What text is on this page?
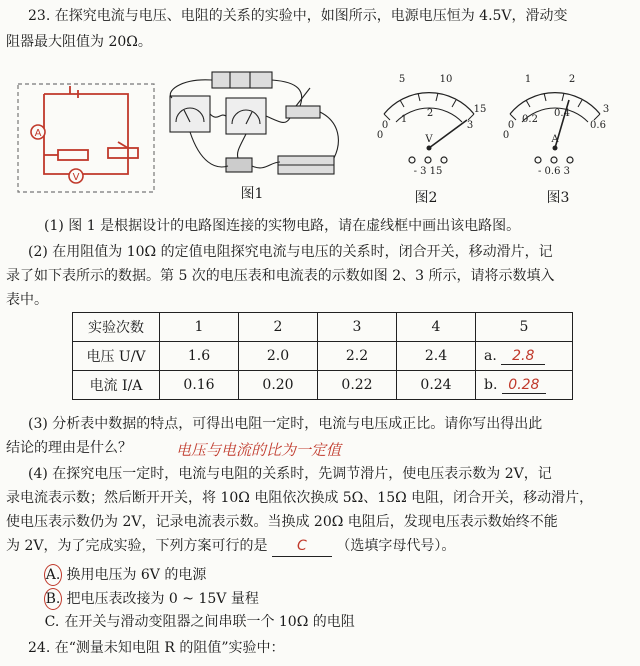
23. 在探究电流与电压、电阻的关系的实验中，如图所示，电源电压恒为 4.5V，滑动变
阻器最大阻值为 20Ω。
A
V
图1
0
5	10
15
0
1
2
3
V
- 3 15
图2
0
1	2
3
0
0.2
0.4
0.6
A
- 0.6 3
图3
(1) 图 1 是根据设计的电路图连接的实物电路，请在虚线框中画出该电路图。
(2) 在用阻值为 10Ω 的定值电阻探究电流与电压的关系时，闭合开关，移动滑片，记
录了如下表所示的数据。第 5 次的电压表和电流表的示数如图 2、3 所示，请将示数填入
表中。
实验次数	1	2	3	4	5
电压 U/V	1.6	2.0	2.2	2.4	a. 2.8
电流 I/A	0.16	0.20	0.22	0.24	b. 0.28
(3) 分析表中数据的特点，可得出电阻一定时，电流与电压成正比。请你写出得出此
结论的理由是什么？	电压与电流的比为一定值
(4) 在探究电压一定时，电流与电阻的关系时，先调节滑片，使电压表示数为 2V，记
录电流表示数；然后断开开关，将 10Ω 电阻依次换成 5Ω、15Ω 电阻，闭合开关，移动滑片，
使电压表示数仍为 2V，记录电流表示数。当换成 20Ω 电阻后，发现电压表示数始终不能
为 2V，为了完成实验，下列方案可行的是 C （选填字母代号）。
A. 换用电压为 6V 的电源
B. 把电压表改接为 0 ~ 15V 量程
C. 在开关与滑动变阻器之间串联一个 10Ω 的电阻
24. 在“测量未知电阻 R 的阻值”实验中：
